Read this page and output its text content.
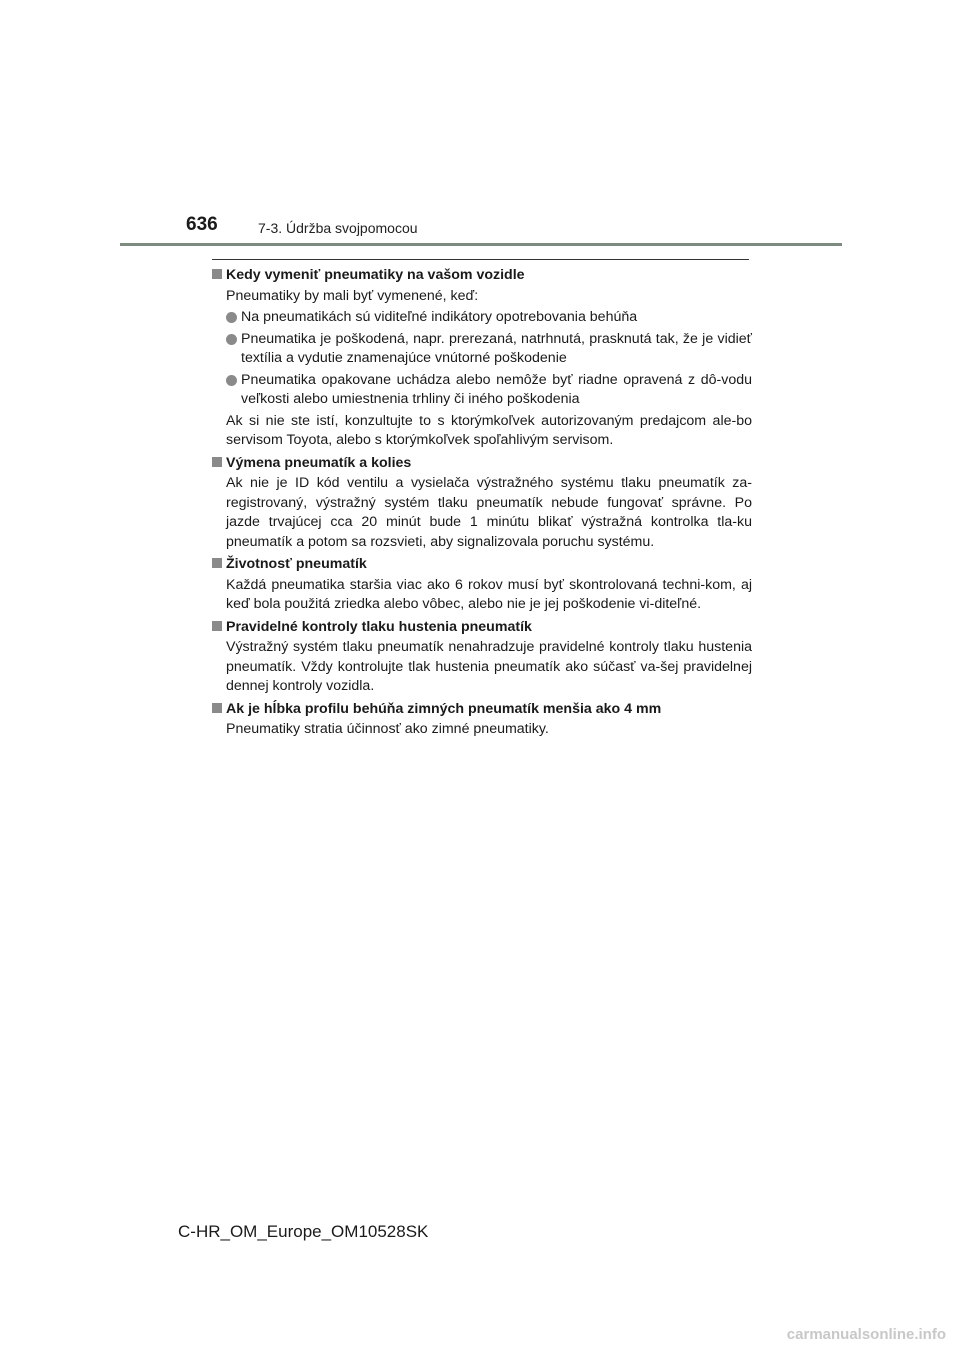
636	7-3. Údržba svojpomocou
Kedy vymeniť pneumatiky na vašom vozidle
Pneumatiky by mali byť vymenené, keď:
Na pneumatikách sú viditeľné indikátory opotrebovania behúňa
Pneumatika je poškodená, napr. prerezaná, natrhnutá, prasknutá tak, že je vidieť textília a vydutie znamenajúce vnútorné poškodenie
Pneumatika opakovane uchádza alebo nemôže byť riadne opravená z dô-vodu veľkosti alebo umiestnenia trhliny či iného poškodenia
Ak si nie ste istí, konzultujte to s ktorýmkoľvek autorizovaným predajcom ale-bo servisom Toyota, alebo s ktorýmkoľvek spoľahlivým servisom.
Výmena pneumatík a kolies
Ak nie je ID kód ventilu a vysielača výstražného systému tlaku pneumatík za-registrovaný, výstražný systém tlaku pneumatík nebude fungovať správne. Po jazde trvajúcej cca 20 minút bude 1 minútu blikať výstražná kontrolka tla-ku pneumatík a potom sa rozsvieti, aby signalizovala poruchu systému.
Životnosť pneumatík
Každá pneumatika staršia viac ako 6 rokov musí byť skontrolovaná techni-kom, aj keď bola použitá zriedka alebo vôbec, alebo nie je jej poškodenie vi-diteľné.
Pravidelné kontroly tlaku hustenia pneumatík
Výstražný systém tlaku pneumatík nenahradzuje pravidelné kontroly tlaku hustenia pneumatík. Vždy kontrolujte tlak hustenia pneumatík ako súčasť va-šej pravidelnej dennej kontroly vozidla.
Ak je hĺbka profilu behúňa zimných pneumatík menšia ako 4 mm
Pneumatiky stratia účinnosť ako zimné pneumatiky.
C-HR_OM_Europe_OM10528SK
carmanualsonline.info
